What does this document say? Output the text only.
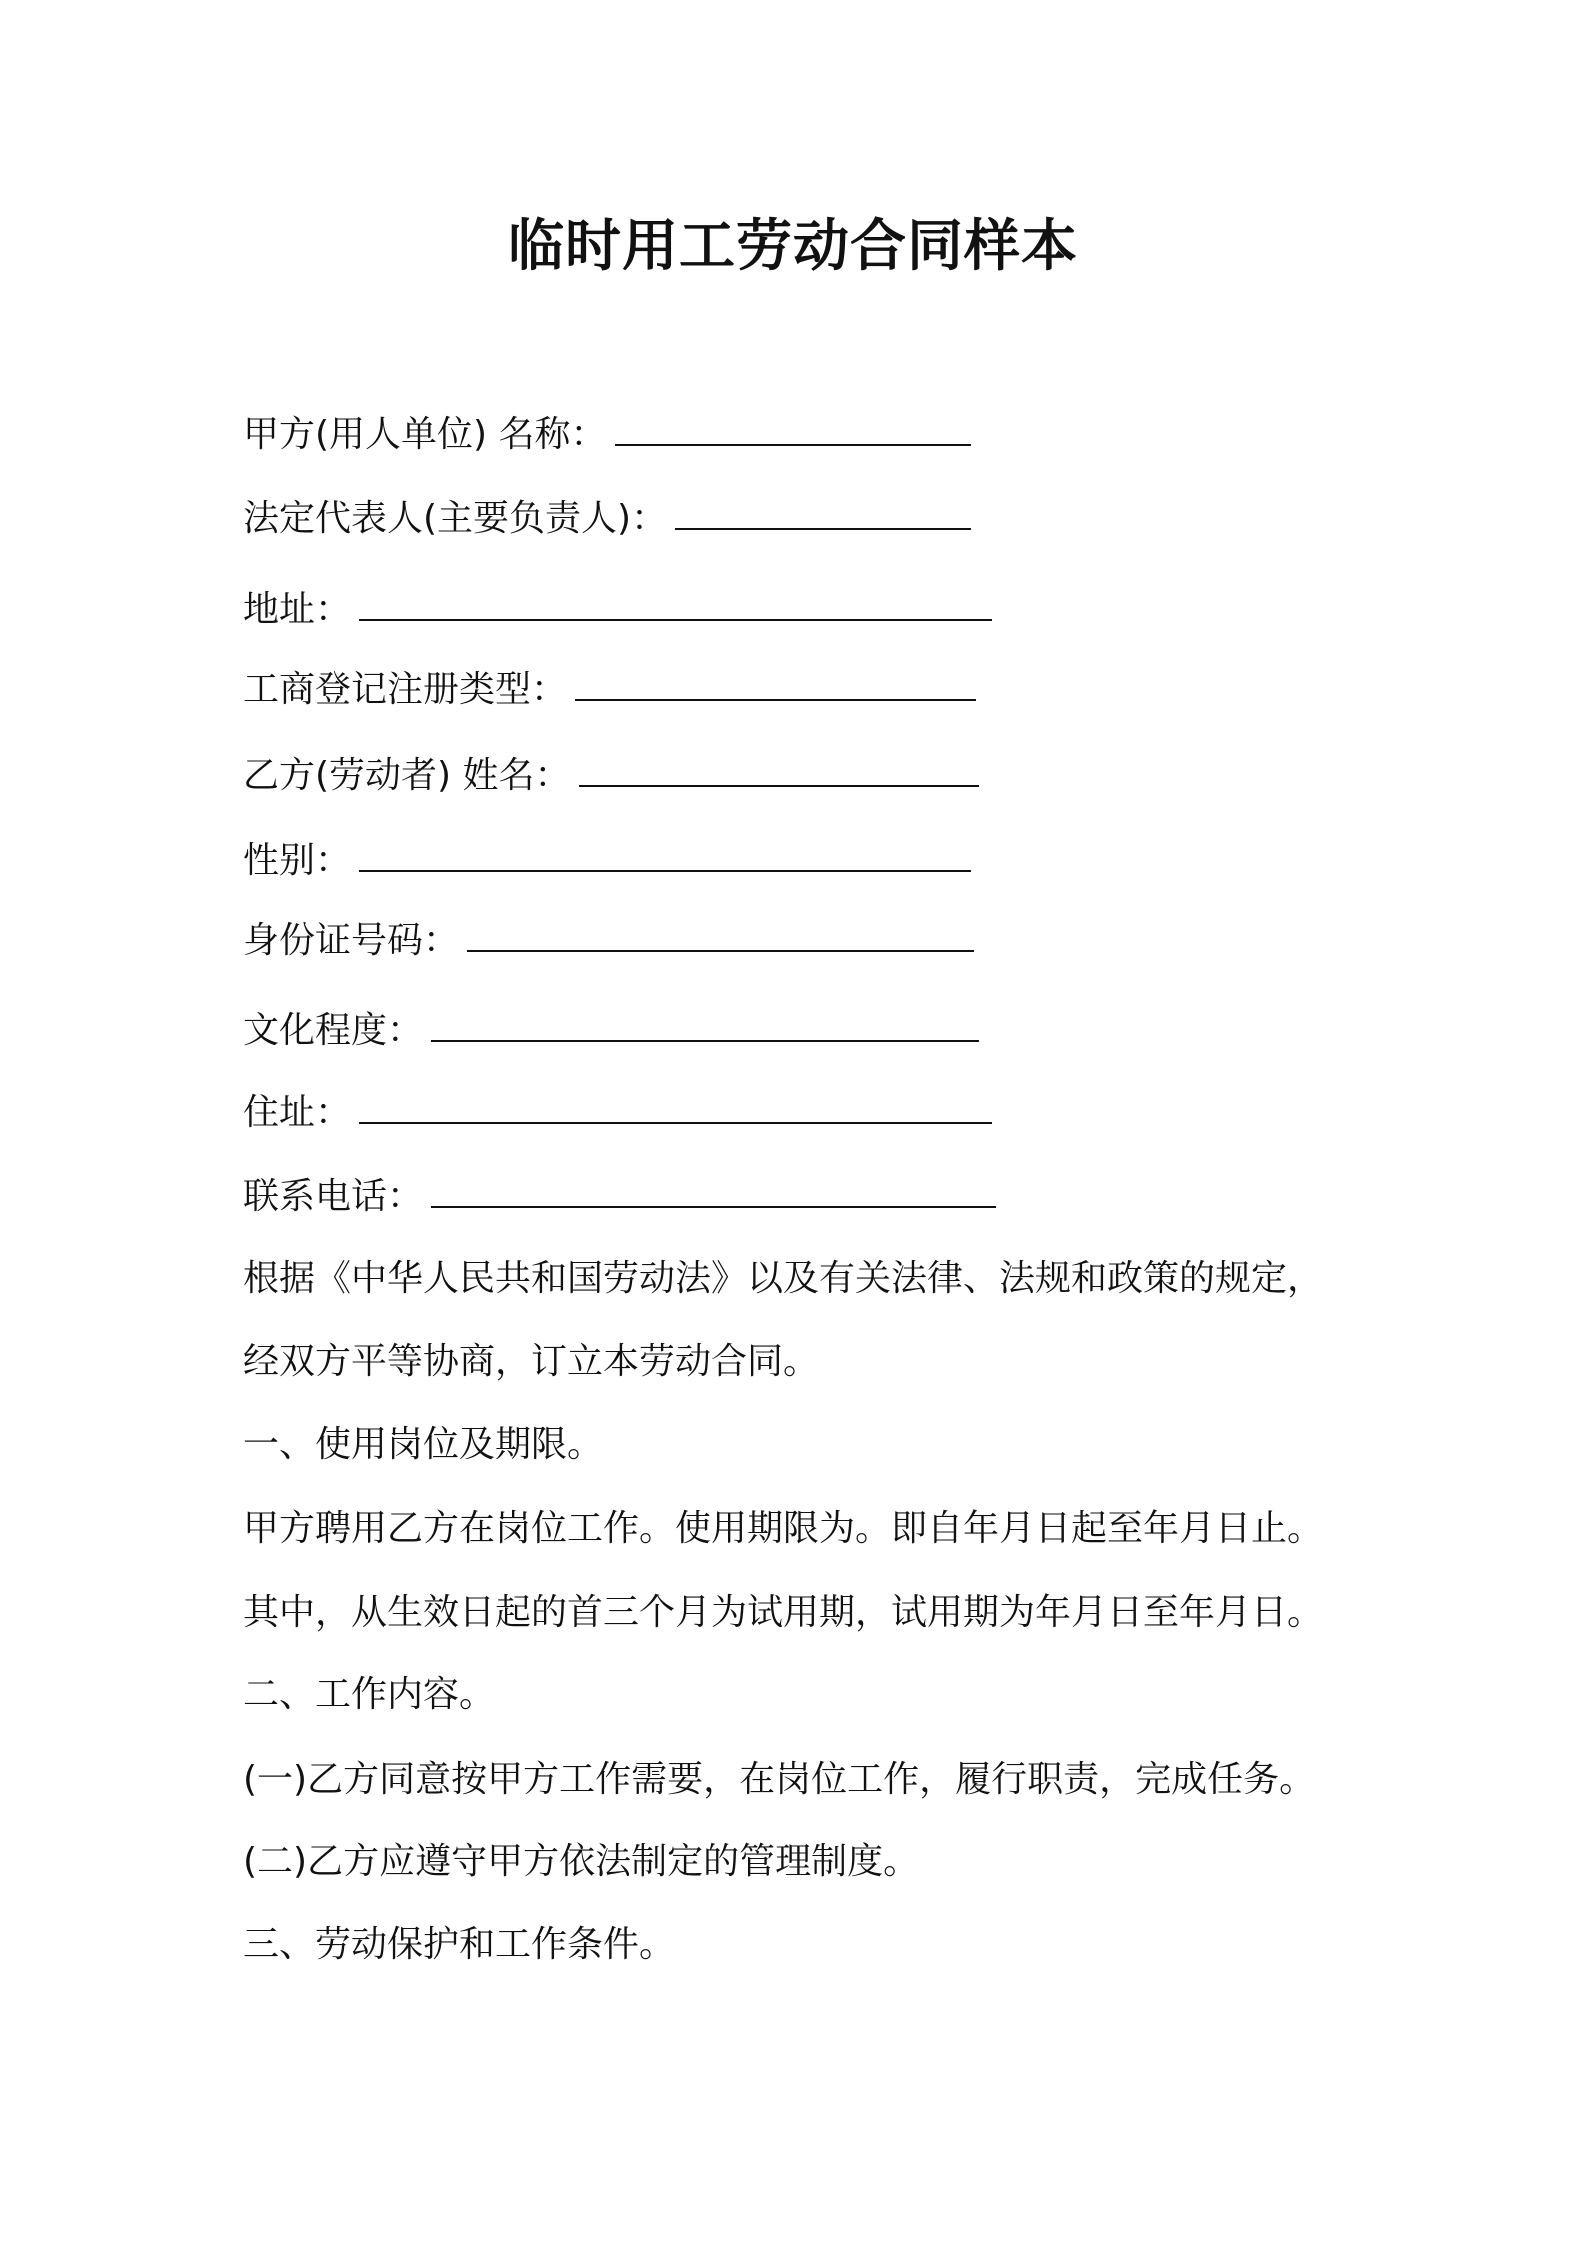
临时用工劳动合同样本
甲方(用人单位) 名称：
法定代表人(主要负责人)：
地址：
工商登记注册类型：
乙方(劳动者) 姓名：
性别：
身份证号码：
文化程度：
住址：
联系电话：
根据《中华人民共和国劳动法》以及有关法律、法规和政策的规定，
经双方平等协商，订立本劳动合同。
一、使用岗位及期限。
甲方聘用乙方在岗位工作。使用期限为。即自年月日起至年月日止。
其中，从生效日起的首三个月为试用期，试用期为年月日至年月日。
二、工作内容。
(一)乙方同意按甲方工作需要，在岗位工作，履行职责，完成任务。
(二)乙方应遵守甲方依法制定的管理制度。
三、劳动保护和工作条件。
